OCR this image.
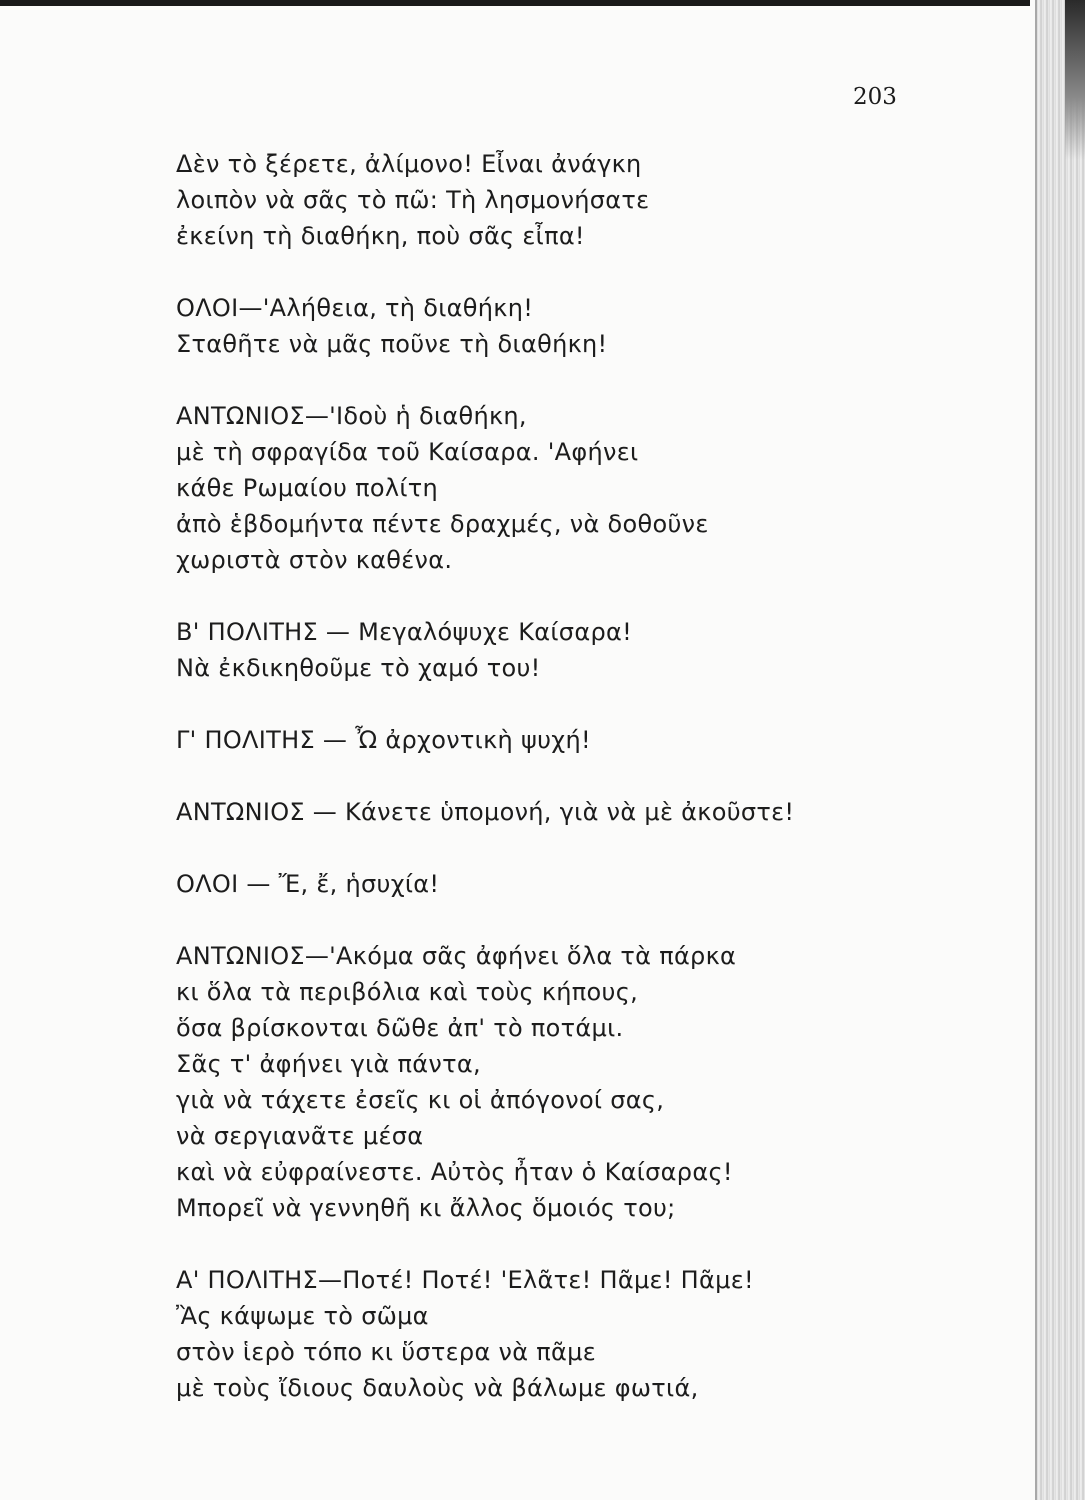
203
Δὲν τὸ ξέρετε, ἀλίμονο! Εἶναι ἀνάγκη
λοιπὸν νὰ σᾶς τὸ πῶ: Τὴ λησμονήσατε
ἐκείνη τὴ διαθήκη, ποὺ σᾶς εἶπα!
ΟΛΟΙ—'Αλήθεια, τὴ διαθήκη!
Σταθῆτε νὰ μᾶς ποῦνε τὴ διαθήκη!
ΑΝΤΩΝΙΟΣ—'Ιδοὺ ἡ διαθήκη,
μὲ τὴ σφραγίδα τοῦ Καίσαρα. 'Αφήνει
κάθε Ρωμαίου πολίτη
ἀπὸ ἑβδομήντα πέντε δραχμές, νὰ δοθοῦνε
χωριστὰ στὸν καθένα.
Β' ΠΟΛΙΤΗΣ — Μεγαλόψυχε Καίσαρα!
Νὰ ἐκδικηθοῦμε τὸ χαμό του!
Γ' ΠΟΛΙΤΗΣ — Ὦ ἀρχοντικὴ ψυχή!
ΑΝΤΩΝΙΟΣ — Κάνετε ὑπομονή, γιὰ νὰ μὲ ἀκοῦστε!
ΟΛΟΙ — Ἔ, ἔ, ἡσυχία!
ΑΝΤΩΝΙΟΣ—'Ακόμα σᾶς ἀφήνει ὅλα τὰ πάρκα
κι ὅλα τὰ περιβόλια καὶ τοὺς κήπους,
ὅσα βρίσκονται δῶθε ἀπ' τὸ ποτάμι.
Σᾶς τ' ἀφήνει γιὰ πάντα,
γιὰ νὰ τάχετε ἐσεῖς κι οἱ ἀπόγονοί σας,
νὰ σεργιανᾶτε μέσα
καὶ νὰ εὐφραίνεστε. Αὐτὸς ἦταν ὁ Καίσαρας!
Μπορεῖ νὰ γεννηθῆ κι ἄλλος ὅμοιός του;
Α' ΠΟΛΙΤΗΣ—Ποτέ! Ποτέ! 'Ελᾶτε! Πᾶμε! Πᾶμε!
Ἂς κάψωμε τὸ σῶμα
στὸν ἱερὸ τόπο κι ὕστερα νὰ πᾶμε
μὲ τοὺς ἴδιους δαυλοὺς νὰ βάλωμε φωτιά,
